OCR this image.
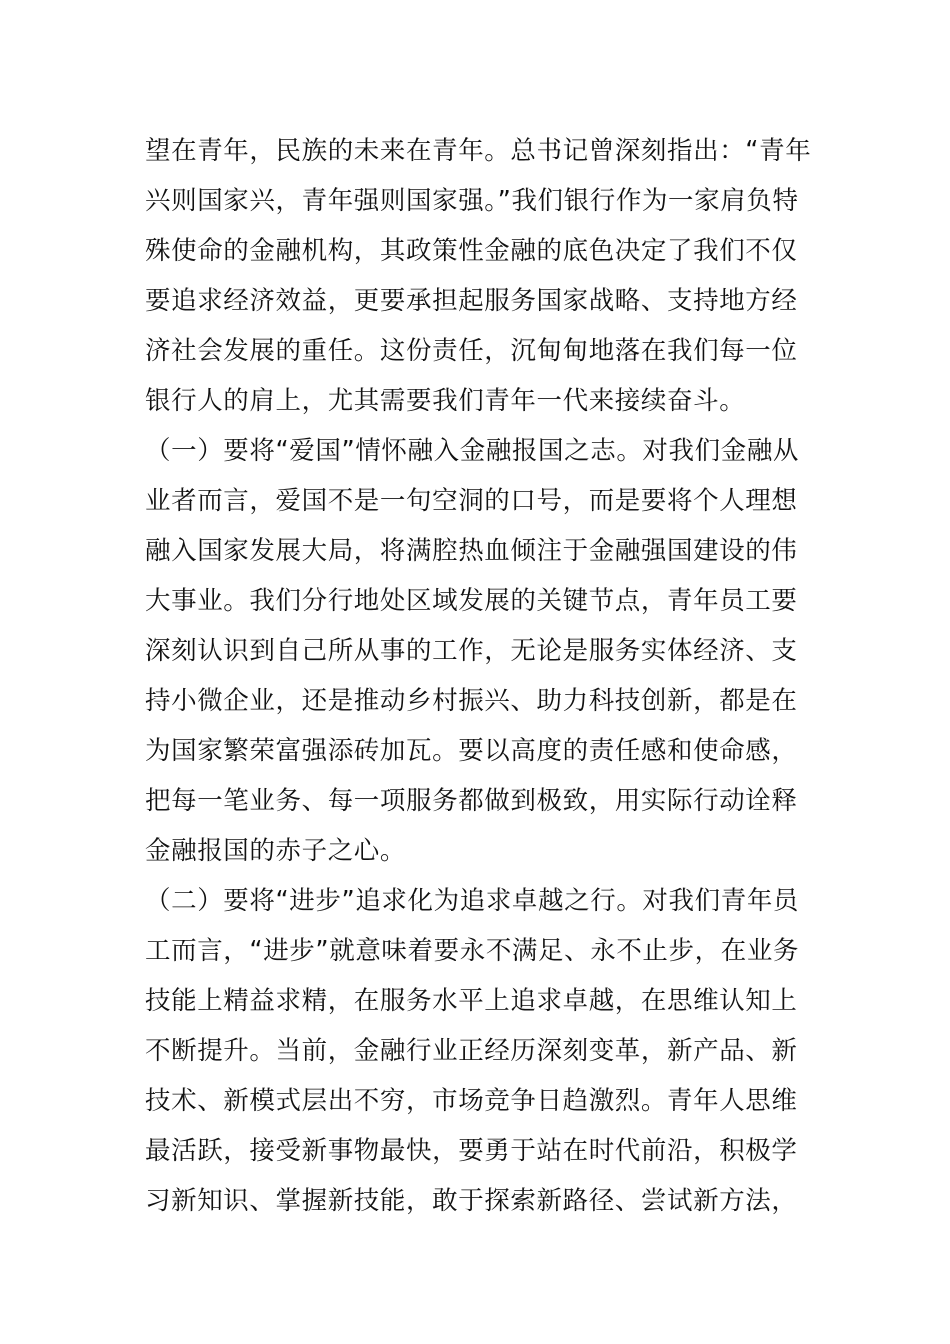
望在青年，民族的未来在青年。总书记曾深刻指出：“青年
兴则国家兴，青年强则国家强。”我们银行作为一家肩负特
殊使命的金融机构，其政策性金融的底色决定了我们不仅
要追求经济效益，更要承担起服务国家战略、支持地方经
济社会发展的重任。这份责任，沉甸甸地落在我们每一位
银行人的肩上，尤其需要我们青年一代来接续奋斗。
（一）要将“爱国”情怀融入金融报国之志。对我们金融从
业者而言，爱国不是一句空洞的口号，而是要将个人理想
融入国家发展大局，将满腔热血倾注于金融强国建设的伟
大事业。我们分行地处区域发展的关键节点，青年员工要
深刻认识到自己所从事的工作，无论是服务实体经济、支
持小微企业，还是推动乡村振兴、助力科技创新，都是在
为国家繁荣富强添砖加瓦。要以高度的责任感和使命感，
把每一笔业务、每一项服务都做到极致，用实际行动诠释
金融报国的赤子之心。
（二）要将“进步”追求化为追求卓越之行。对我们青年员
工而言，“进步”就意味着要永不满足、永不止步，在业务
技能上精益求精，在服务水平上追求卓越，在思维认知上
不断提升。当前，金融行业正经历深刻变革，新产品、新
技术、新模式层出不穷，市场竞争日趋激烈。青年人思维
最活跃，接受新事物最快，要勇于站在时代前沿，积极学
习新知识、掌握新技能，敢于探索新路径、尝试新方法，
